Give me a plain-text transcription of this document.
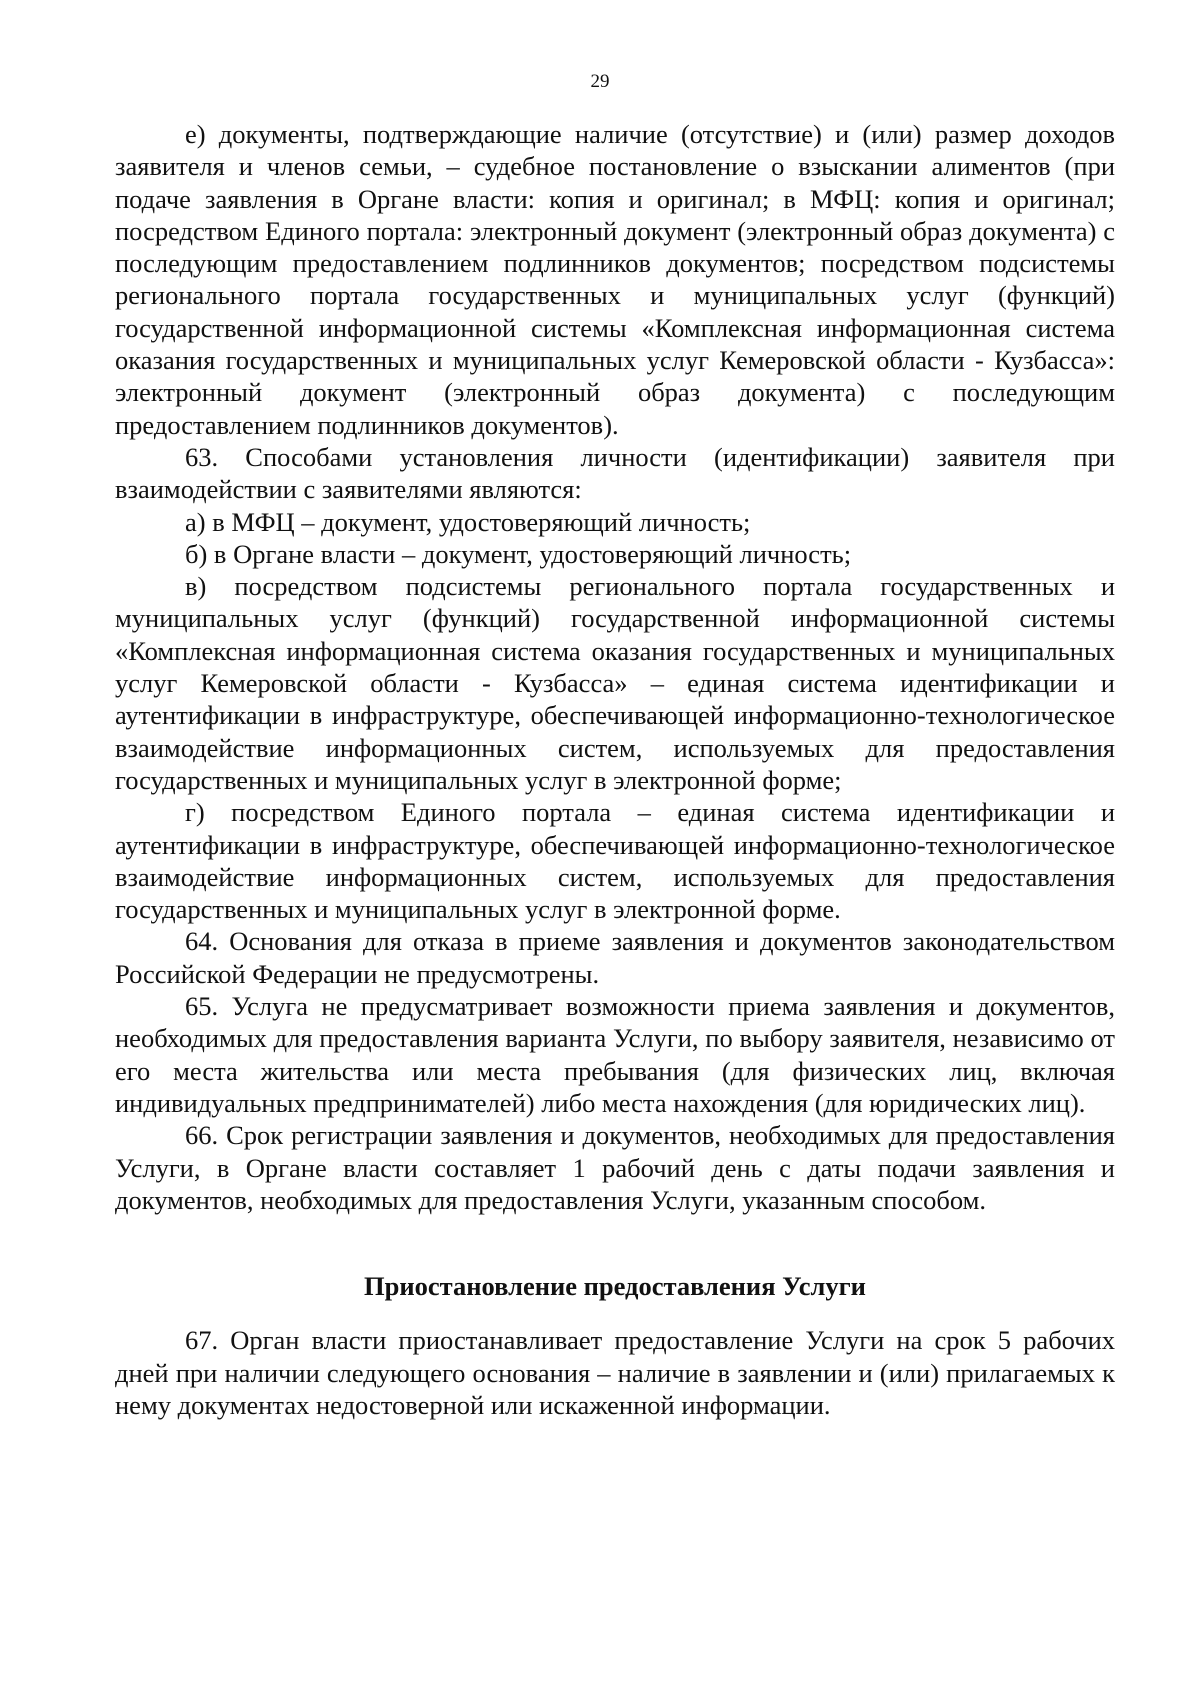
29

е) документы, подтверждающие наличие (отсутствие) и (или) размер доходов заявителя и членов семьи, – судебное постановление о взыскании алиментов (при подаче заявления в Органе власти: копия и оригинал; в МФЦ: копия и оригинал; посредством Единого портала: электронный документ (электронный образ документа) с последующим предоставлением подлинников документов; посредством подсистемы регионального портала государственных и муниципальных услуг (функций) государственной информационной системы «Комплексная информационная система оказания государственных и муниципальных услуг Кемеровской области - Кузбасса»: электронный документ (электронный образ документа) с последующим предоставлением подлинников документов).

63. Способами установления личности (идентификации) заявителя при взаимодействии с заявителями являются:

а) в МФЦ – документ, удостоверяющий личность;

б) в Органе власти – документ, удостоверяющий личность;

в) посредством подсистемы регионального портала государственных и муниципальных услуг (функций) государственной информационной системы «Комплексная информационная система оказания государственных и муниципальных услуг Кемеровской области - Кузбасса» – единая система идентификации и аутентификации в инфраструктуре, обеспечивающей информационно-технологическое взаимодействие информационных систем, используемых для предоставления государственных и муниципальных услуг в электронной форме;

г) посредством Единого портала – единая система идентификации и аутентификации в инфраструктуре, обеспечивающей информационно-технологическое взаимодействие информационных систем, используемых для предоставления государственных и муниципальных услуг в электронной форме.

64. Основания для отказа в приеме заявления и документов законодательством Российской Федерации не предусмотрены.

65. Услуга не предусматривает возможности приема заявления и документов, необходимых для предоставления варианта Услуги, по выбору заявителя, независимо от его места жительства или места пребывания (для физических лиц, включая индивидуальных предпринимателей) либо места нахождения (для юридических лиц).

66. Срок регистрации заявления и документов, необходимых для предоставления Услуги, в Органе власти составляет 1 рабочий день с даты подачи заявления и документов, необходимых для предоставления Услуги, указанным способом.

Приостановление предоставления Услуги

67. Орган власти приостанавливает предоставление Услуги на срок 5 рабочих дней при наличии следующего основания – наличие в заявлении и (или) прилагаемых к нему документах недостоверной или искаженной информации.
